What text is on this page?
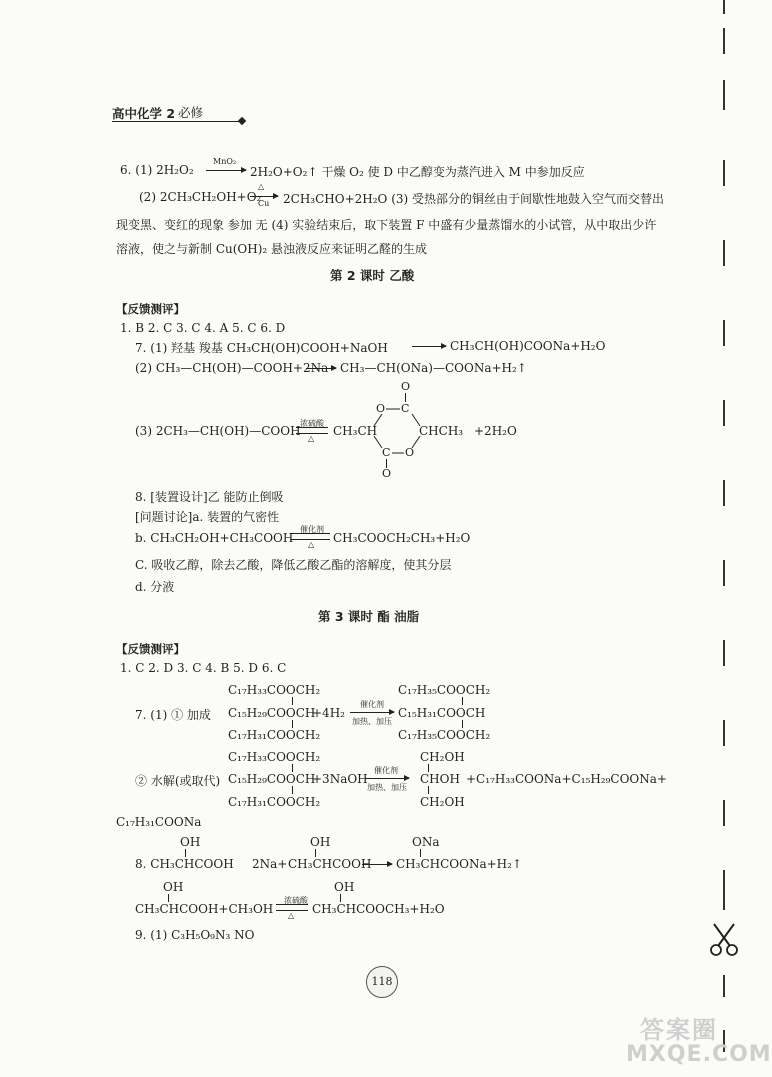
高中化学 2 必修
6. (1) 2H₂O₂
MnO₂
2H₂O+O₂↑ 干燥 O₂ 使 D 中乙醇变为蒸汽进入 M 中参加反应
(2) 2CH₃CH₂OH+O₂
△
Cu 2CH₃CHO+2H₂O (3) 受热部分的铜丝由于间歇性地鼓入空气而交替出
现变黑、变红的现象 参加 无 (4) 实验结束后，取下装置 F 中盛有少量蒸馏水的小试管，从中取出少许
溶液，使之与新制 Cu(OH)₂ 悬浊液反应来证明乙醛的生成
第 2 课时 乙酸
【反馈测评】
1. B 2. C 3. C 4. A 5. C 6. D
7. (1) 羟基 羧基 CH₃CH(OH)COOH+NaOH	CH₃CH(OH)COONa+H₂O
(2) CH₃—CH(OH)—COOH+2Na CH₃—CH(ONa)—COONa+H₂↑
(3) 2CH₃—CH(OH)—COOH
浓硫酸
△
CH₃CH
O
C
O
CHCH₃
C O
O
+2H₂O
8. [装置设计]乙 能防止倒吸
[问题讨论]a. 装置的气密性
b. CH₃CH₂OH+CH₃COOH
催化剂
△ CH₃COOCH₂CH₃+H₂O
C. 吸收乙醇，除去乙酸，降低乙酸乙酯的溶解度，使其分层
d. 分液
第 3 课时 酯 油脂
【反馈测评】
1. C 2. D 3. C 4. B 5. D 6. C
C₁₇H₃₃COOCH₂
7. (1) ① 加成 C₁₅H₂₉COOCH
C₁₇H₃₁COOCH₂
+4H₂
催化剂
加热、加压
C₁₇H₃₅COOCH₂
C₁₅H₃₁COOCH
C₁₇H₃₅COOCH₂
C₁₇H₃₃COOCH₂
② 水解(或取代) C₁₅H₂₉COOCH
C₁₇H₃₁COOCH₂
+3NaOH
催化剂
加热、加压
CH₂OH
CHOH
CH₂OH
+C₁₇H₃₃COONa+C₁₅H₂₉COONa+
C₁₇H₃₁COONa
OH
8. CH₃CHCOOH 2Na+
OH
CH₃CHCOOH
ONa
CH₃CHCOONa+H₂↑
OH
CH₃CHCOOH+CH₃OH
浓硫酸
△
OH
CH₃CHCOOCH₃+H₂O
9. (1) C₃H₅O₉N₃ NO
118
答案圈
MXQE.COM
